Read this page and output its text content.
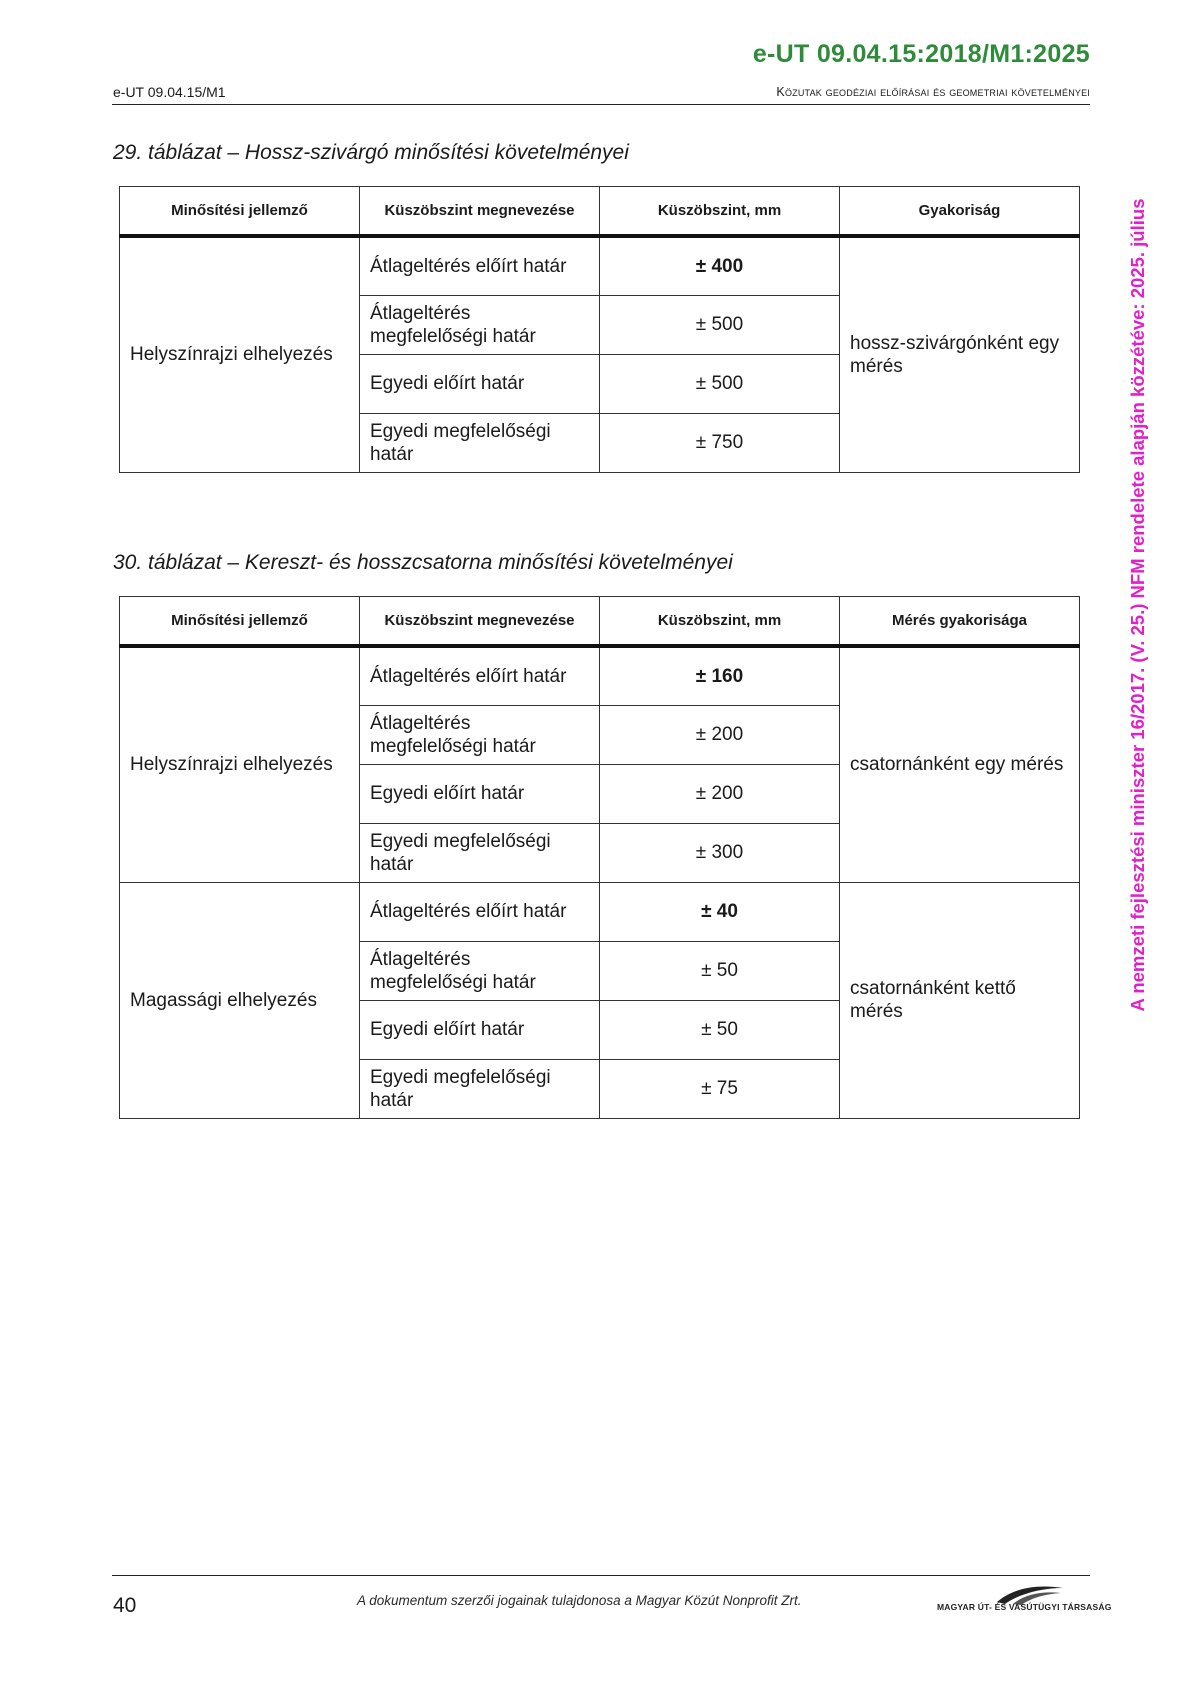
e-UT 09.04.15:2018/M1:2025
e-UT 09.04.15/M1	Közutak geodéziai előírásai és geometriai követelményei
A nemzeti fejlesztési miniszter 16/2017. (V. 25.) NFM rendelete alapján közzétéve: 2025. július
29. táblázat – Hossz-szivárgó minősítési követelményei
Minősítési jellemző	Küszöbszint megnevezése	Küszöbszint, mm	Gyakoriság
Helyszínrajzi elhelyezés	Átlageltérés előírt határ	± 400	hossz-szivárgónként egy mérés
	Átlageltérés megfelelőségi határ	± 500	
	Egyedi előírt határ	± 500	
	Egyedi megfelelőségi határ	± 750	
30. táblázat – Kereszt- és hosszcsatorna minősítési követelményei
Minősítési jellemző	Küszöbszint megnevezése	Küszöbszint, mm	Mérés gyakorisága
Helyszínrajzi elhelyezés	Átlageltérés előírt határ	± 160	csatornánként egy mérés
	Átlageltérés megfelelőségi határ	± 200	
	Egyedi előírt határ	± 200	
	Egyedi megfelelőségi határ	± 300	
Magassági elhelyezés	Átlageltérés előírt határ	± 40	csatornánként kettő mérés
	Átlageltérés megfelelőségi határ	± 50	
	Egyedi előírt határ	± 50	
	Egyedi megfelelőségi határ	± 75	
40	A dokumentum szerzői jogainak tulajdonosa a Magyar Közút Nonprofit Zrt.	MAGYAR ÚT- ÉS VASÚTÜGYI TÁRSASÁG
